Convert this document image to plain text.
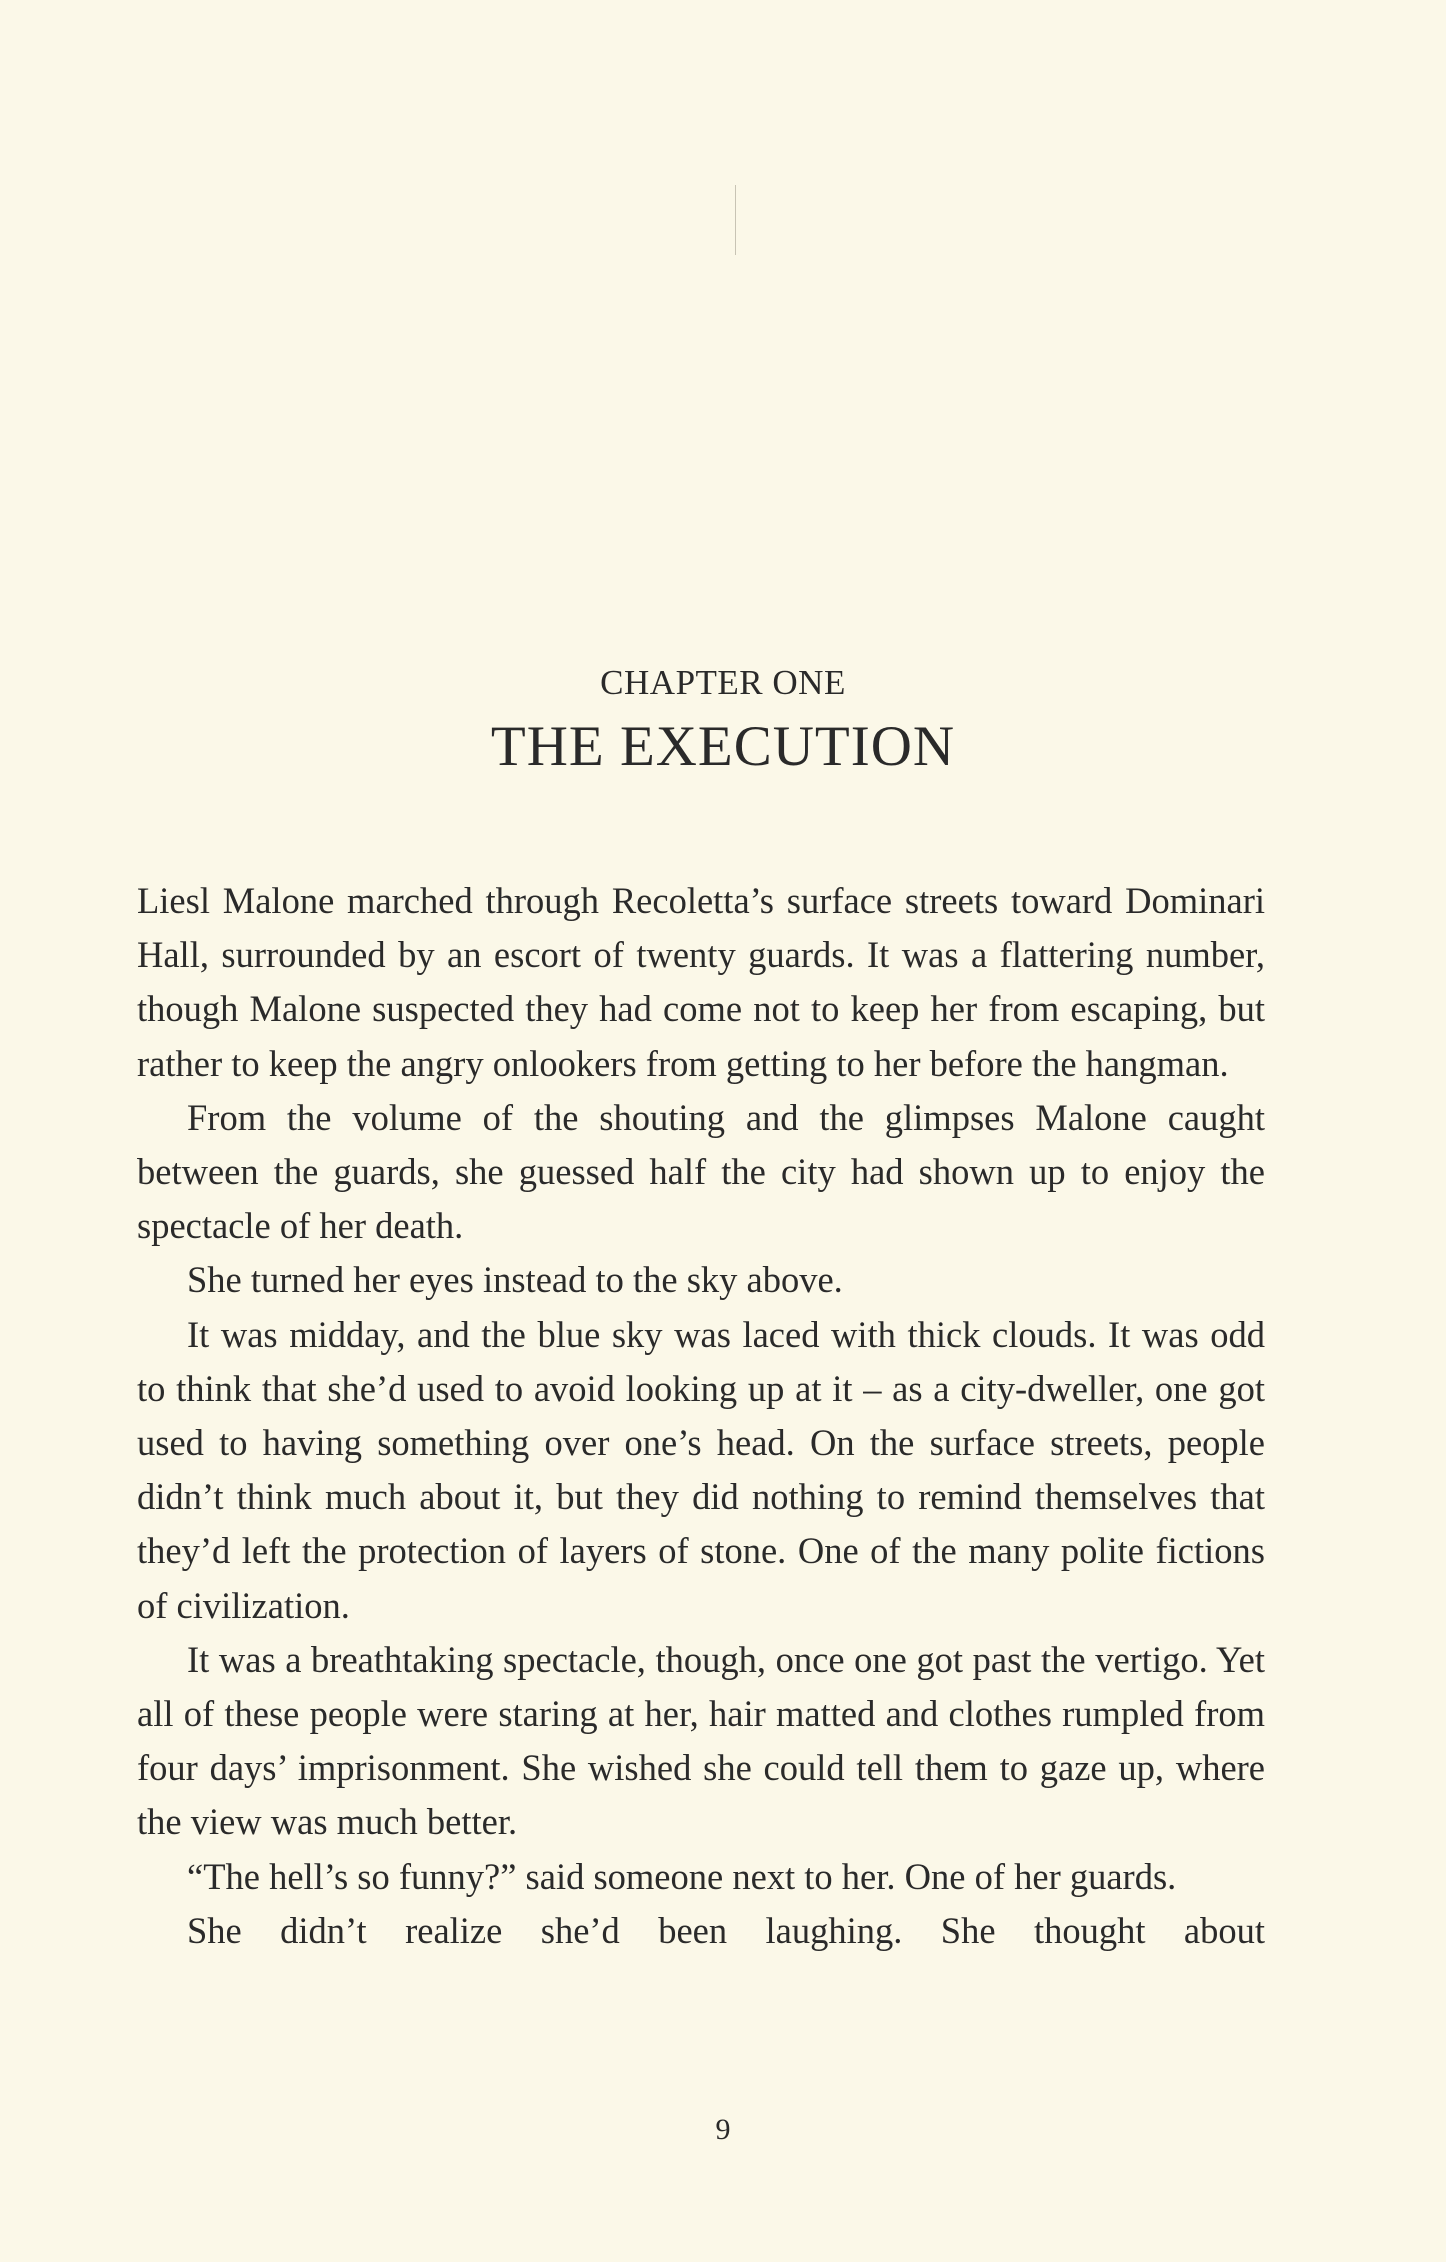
CHAPTER ONE
THE EXECUTION

Liesl Malone marched through Recoletta’s surface streets toward Dominari Hall, surrounded by an escort of twenty guards. It was a flattering number, though Malone suspected they had come not to keep her from escaping, but rather to keep the angry onlookers from getting to her before the hangman.

From the volume of the shouting and the glimpses Malone caught between the guards, she guessed half the city had shown up to enjoy the spectacle of her death.

She turned her eyes instead to the sky above.

It was midday, and the blue sky was laced with thick clouds. It was odd to think that she’d used to avoid looking up at it – as a city-dweller, one got used to having something over one’s head. On the surface streets, people didn’t think much about it, but they did nothing to remind themselves that they’d left the protection of layers of stone. One of the many polite fictions of civilization.

It was a breathtaking spectacle, though, once one got past the vertigo. Yet all of these people were staring at her, hair matted and clothes rumpled from four days’ imprisonment. She wished she could tell them to gaze up, where the view was much better.

“The hell’s so funny?” said someone next to her. One of her guards.

She didn’t realize she’d been laughing. She thought about

9
